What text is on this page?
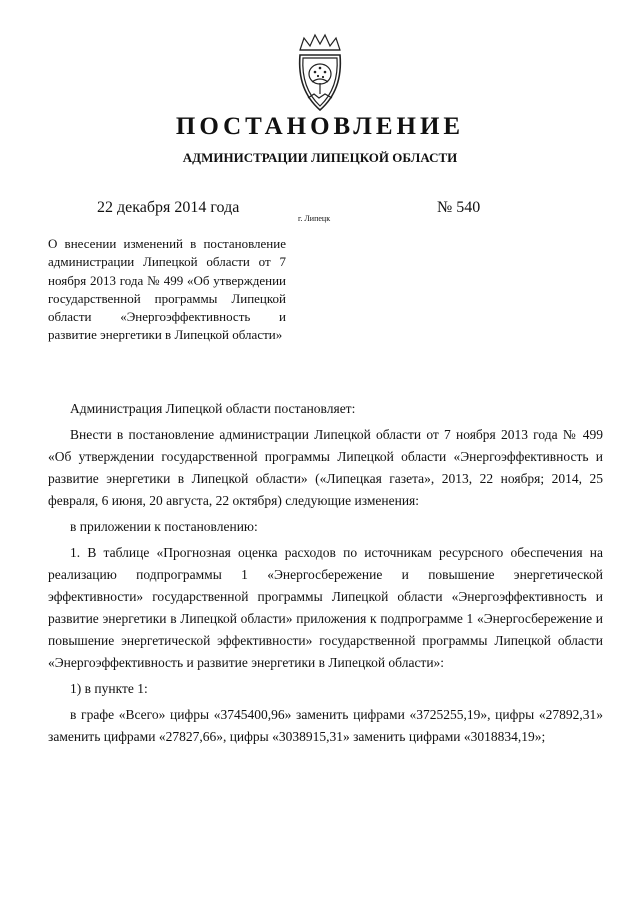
ПОСТАНОВЛЕНИЕ
АДМИНИСТРАЦИИ ЛИПЕЦКОЙ ОБЛАСТИ
22 декабря 2014 года
г. Липецк
№ 540

О внесении изменений в постановление администрации Липецкой области от 7 ноября 2013 года № 499 «Об утверждении государственной программы Липецкой области «Энергоэффективность и развитие энергетики в Липецкой области»

Администрация Липецкой области постановляет:

Внести в постановление администрации Липецкой области от 7 ноября 2013 года № 499 «Об утверждении государственной программы Липецкой области «Энергоэффективность и развитие энергетики в Липецкой области» («Липецкая газета», 2013, 22 ноября; 2014, 25 февраля, 6 июня, 20 августа, 22 октября) следующие изменения:

в приложении к постановлению:

1. В таблице «Прогнозная оценка расходов по источникам ресурсного обеспечения на реализацию подпрограммы 1 «Энергосбережение и повышение энергетической эффективности» государственной программы Липецкой области «Энергоэффективность и развитие энергетики в Липецкой области» приложения к подпрограмме 1 «Энергосбережение и повышение энергетической эффективности» государственной программы Липецкой области «Энергоэффективность и развитие энергетики в Липецкой области»:

1) в пункте 1:

в графе «Всего» цифры «3745400,96» заменить цифрами «3725255,19», цифры «27892,31» заменить цифрами «27827,66», цифры «3038915,31» заменить цифрами «3018834,19»;
